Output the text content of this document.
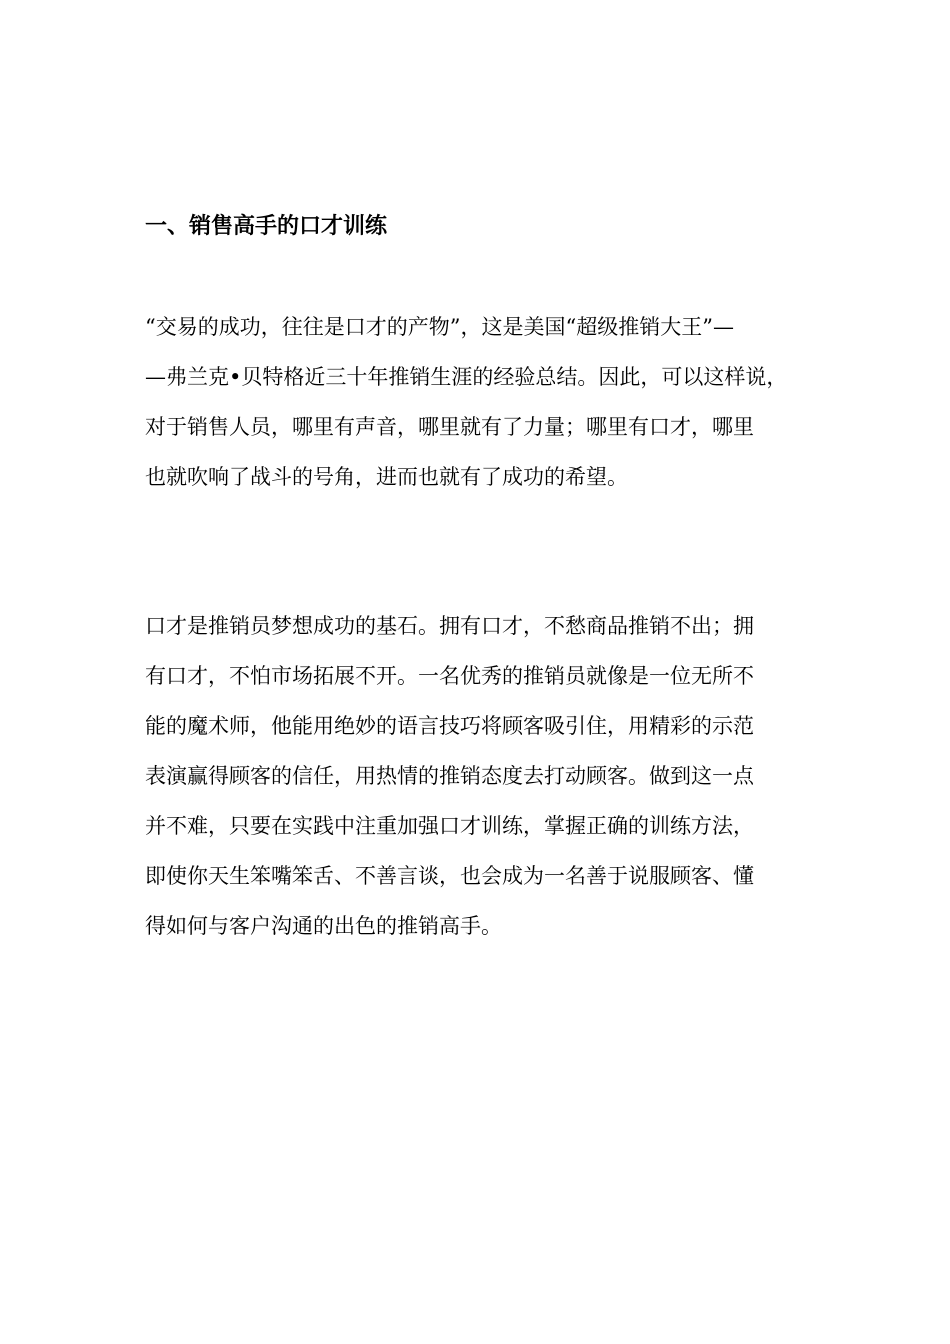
一、销售高手的口才训练

“交易的成功，往往是口才的产物”，这是美国“超级推销大王”—
—弗兰克•贝特格近三十年推销生涯的经验总结。因此，可以这样说，
对于销售人员，哪里有声音，哪里就有了力量；哪里有口才，哪里
也就吹响了战斗的号角，进而也就有了成功的希望。

口才是推销员梦想成功的基石。拥有口才，不愁商品推销不出；拥
有口才，不怕市场拓展不开。一名优秀的推销员就像是一位无所不
能的魔术师，他能用绝妙的语言技巧将顾客吸引住，用精彩的示范
表演赢得顾客的信任，用热情的推销态度去打动顾客。做到这一点
并不难，只要在实践中注重加强口才训练，掌握正确的训练方法，
即使你天生笨嘴笨舌、不善言谈，也会成为一名善于说服顾客、懂
得如何与客户沟通的出色的推销高手。
